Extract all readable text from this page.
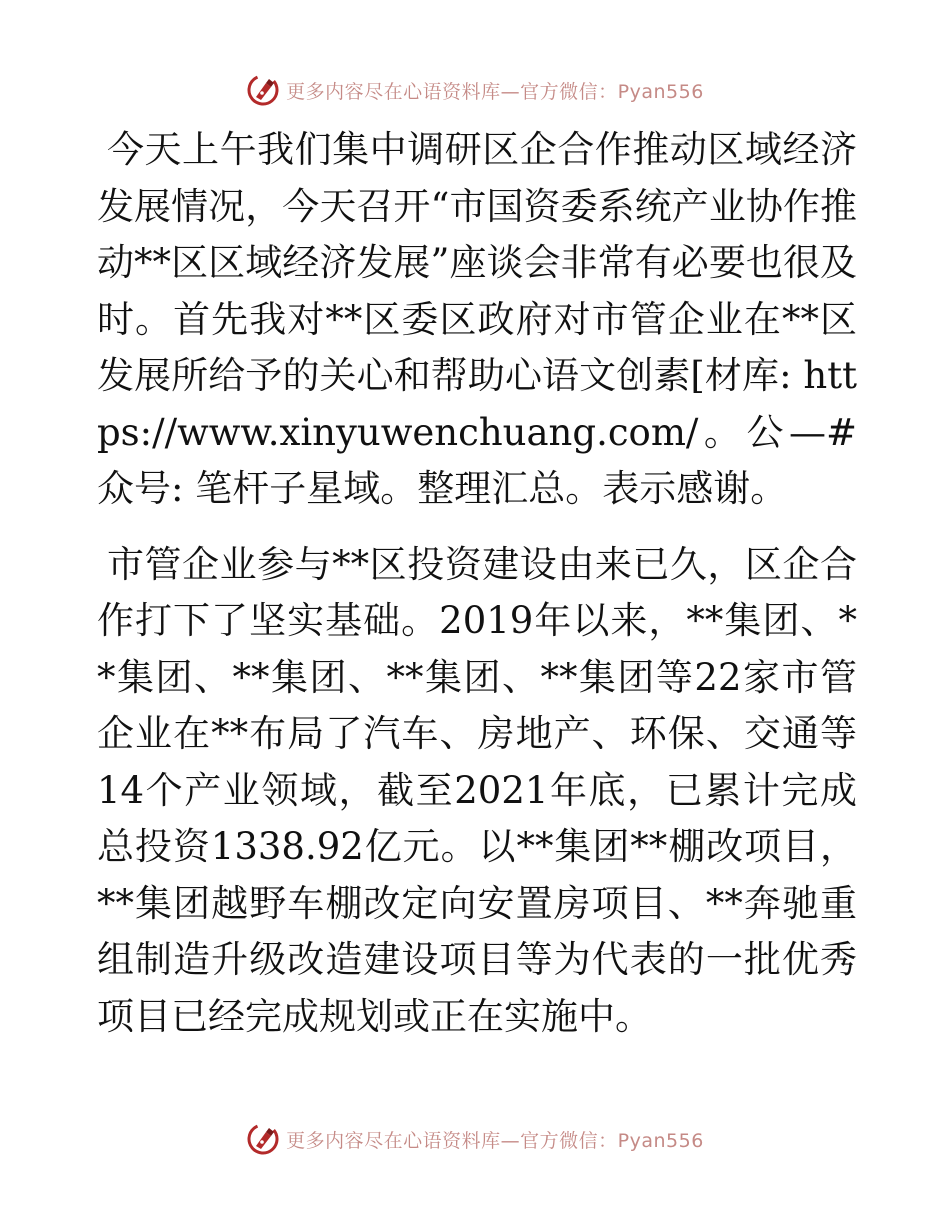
更多内容尽在心语资料库—官方微信：Pyan556

今天上午我们集中调研区企合作推动区域经济发展情况，今天召开“市国资委系统产业协作推动**区区域经济发展”座谈会非常有必要也很及时。首先我对**区委区政府对市管企业在**区发展所给予的关心和帮助心语文创素[材库: https://www.xinyuwenchuang.com/。公—#众号: 笔杆子星域。整理汇总。表示感谢。

市管企业参与**区投资建设由来已久，区企合作打下了坚实基础。2019年以来，**集团、**集团、**集团、**集团、**集团等22家市管企业在**布局了汽车、房地产、环保、交通等14个产业领域，截至2021年底，已累计完成总投资1338.92亿元。以**集团**棚改项目，**集团越野车棚改定向安置房项目、**奔驰重组制造升级改造建设项目等为代表的一批优秀项目已经完成规划或正在实施中。

更多内容尽在心语资料库—官方微信：Pyan556
